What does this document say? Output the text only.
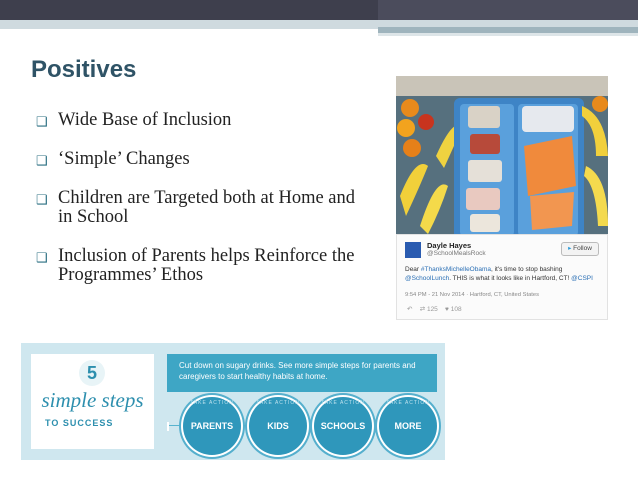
Positives
❑ Wide Base of Inclusion
❑ ‘Simple’ Changes
❑ Children are Targeted both at Home and in School
❑ Inclusion of Parents helps Reinforce the Programmes’ Ethos
Dayle Hayes
@SchoolMealsRock
▸ Follow
Dear #ThanksMichelleObama, it's time to stop bashing @SchoolLunch. THIS is what it looks like in Hartford, CT! @CSPI
9:54 PM - 21 Nov 2014 · Hartford, CT, United States
↶ ⇄ 125 ♥ 108
5
simple steps
TO SUCCESS
Cut down on sugary drinks. See more simple steps for parents and caregivers to start healthy habits at home.
TAKE ACTION
PARENTS
TAKE ACTION
KIDS
TAKE ACTION
SCHOOLS
TAKE ACTION
MORE
